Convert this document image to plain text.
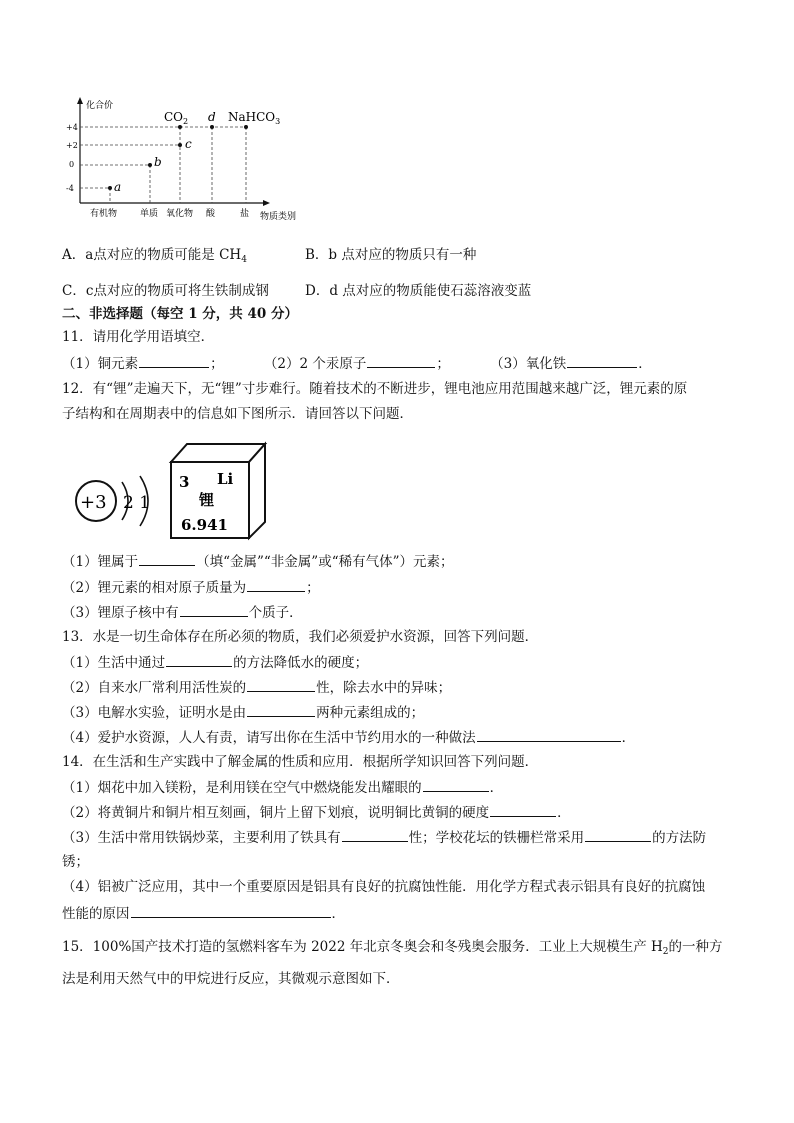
化合价
+4
+2
0
-4	a
b
c
$CO_2$ d NaHCO$_3$
有机物	单质 氧化物 酸	盐 物质类别
A．a点对应的物质可能是 $CH_4$	B．b 点对应的物质只有一种
C．c点对应的物质可将生铁制成钢	D．d 点对应的物质能使石蕊溶液变蓝
二、非选择题（每空 1 分，共 40 分）
11．请用化学用语填空．
（1）铜元素	；	（2）2 个汞原子	；	（3）氧化铁	．
12．有“锂”走遍天下，无“锂”寸步难行。随着技术的不断进步，锂电池应用范围越来越广泛，锂元素的原
子结构和在周期表中的信息如下图所示．请回答以下问题．
+3 2 1
3 Li
锂
6.941
（1）锂属于	（填“金属”“非金属”或“稀有气体”）元素；
（2）锂元素的相对原子质量为	；
（3）锂原子核中有	个质子．
13．水是一切生命体存在所必须的物质，我们必须爱护水资源，回答下列问题．
（1）生活中通过	的方法降低水的硬度；
（2）自来水厂常利用活性炭的	性，除去水中的异味；
（3）电解水实验，证明水是由	两种元素组成的；
（4）爱护水资源，人人有责，请写出你在生活中节约用水的一种做法	．
14．在生活和生产实践中了解金属的性质和应用．根据所学知识回答下列问题．
（1）烟花中加入镁粉，是利用镁在空气中燃烧能发出耀眼的	．
（2）将黄铜片和铜片相互刻画，铜片上留下划痕，说明铜比黄铜的硬度	．
（3）生活中常用铁锅炒菜，主要利用了铁具有	性；学校花坛的铁栅栏常采用	的方法防
锈；
（4）铝被广泛应用，其中一个重要原因是铝具有良好的抗腐蚀性能．用化学方程式表示铝具有良好的抗腐蚀
性能的原因	．
15．100%国产技术打造的氢燃料客车为 2022 年北京冬奥会和冬残奥会服务．工业上大规模生产 $H_2$的一种方
法是利用天然气中的甲烷进行反应，其微观示意图如下．
